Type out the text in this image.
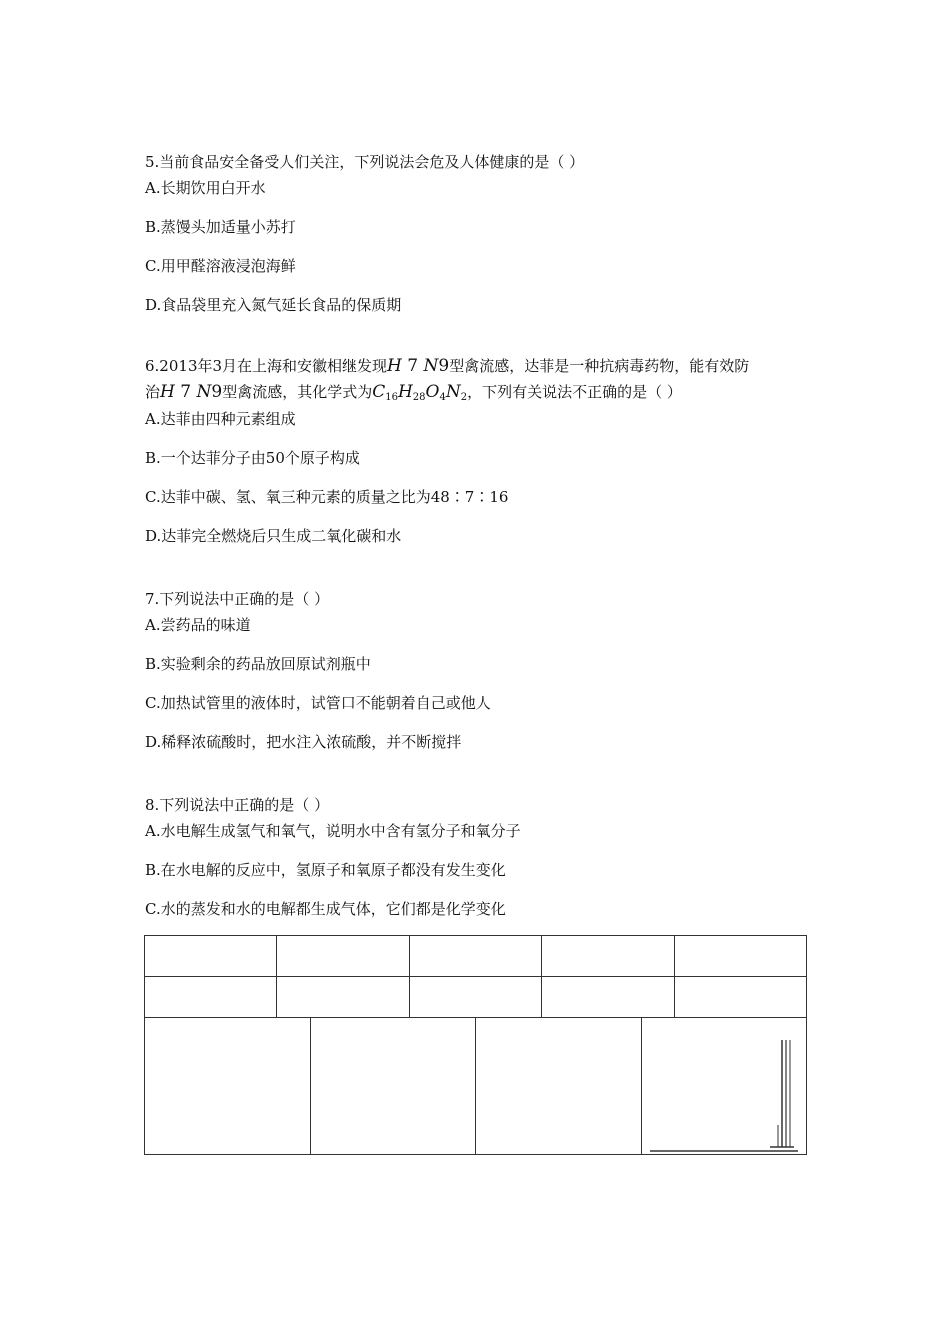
5.当前食品安全备受人们关注，下列说法会危及人体健康的是（ ）
A.长期饮用白开水
B.蒸馒头加适量小苏打
C.用甲醛溶液浸泡海鲜
D.食品袋里充入氮气延长食品的保质期
6.2013年3月在上海和安徽相继发现H 7 N9型禽流感，达菲是一种抗病毒药物，能有效防
治H 7 N9型禽流感，其化学式为$C_{16}H_{28}O_4N_2$，下列有关说法不正确的是（ ）
A.达菲由四种元素组成
B.一个达菲分子由50个原子构成
C.达菲中碳、氢、氧三种元素的质量之比为48∶7∶16
D.达菲完全燃烧后只生成二氧化碳和水
7.下列说法中正确的是（ ）
A.尝药品的味道
B.实验剩余的药品放回原试剂瓶中
C.加热试管里的液体时，试管口不能朝着自己或他人
D.稀释浓硫酸时，把水注入浓硫酸，并不断搅拌
8.下列说法中正确的是（ ）
A.水电解生成氢气和氧气，说明水中含有氢分子和氧分子
B.在水电解的反应中，氢原子和氧原子都没有发生变化
C.水的蒸发和水的电解都生成气体，它们都是化学变化
